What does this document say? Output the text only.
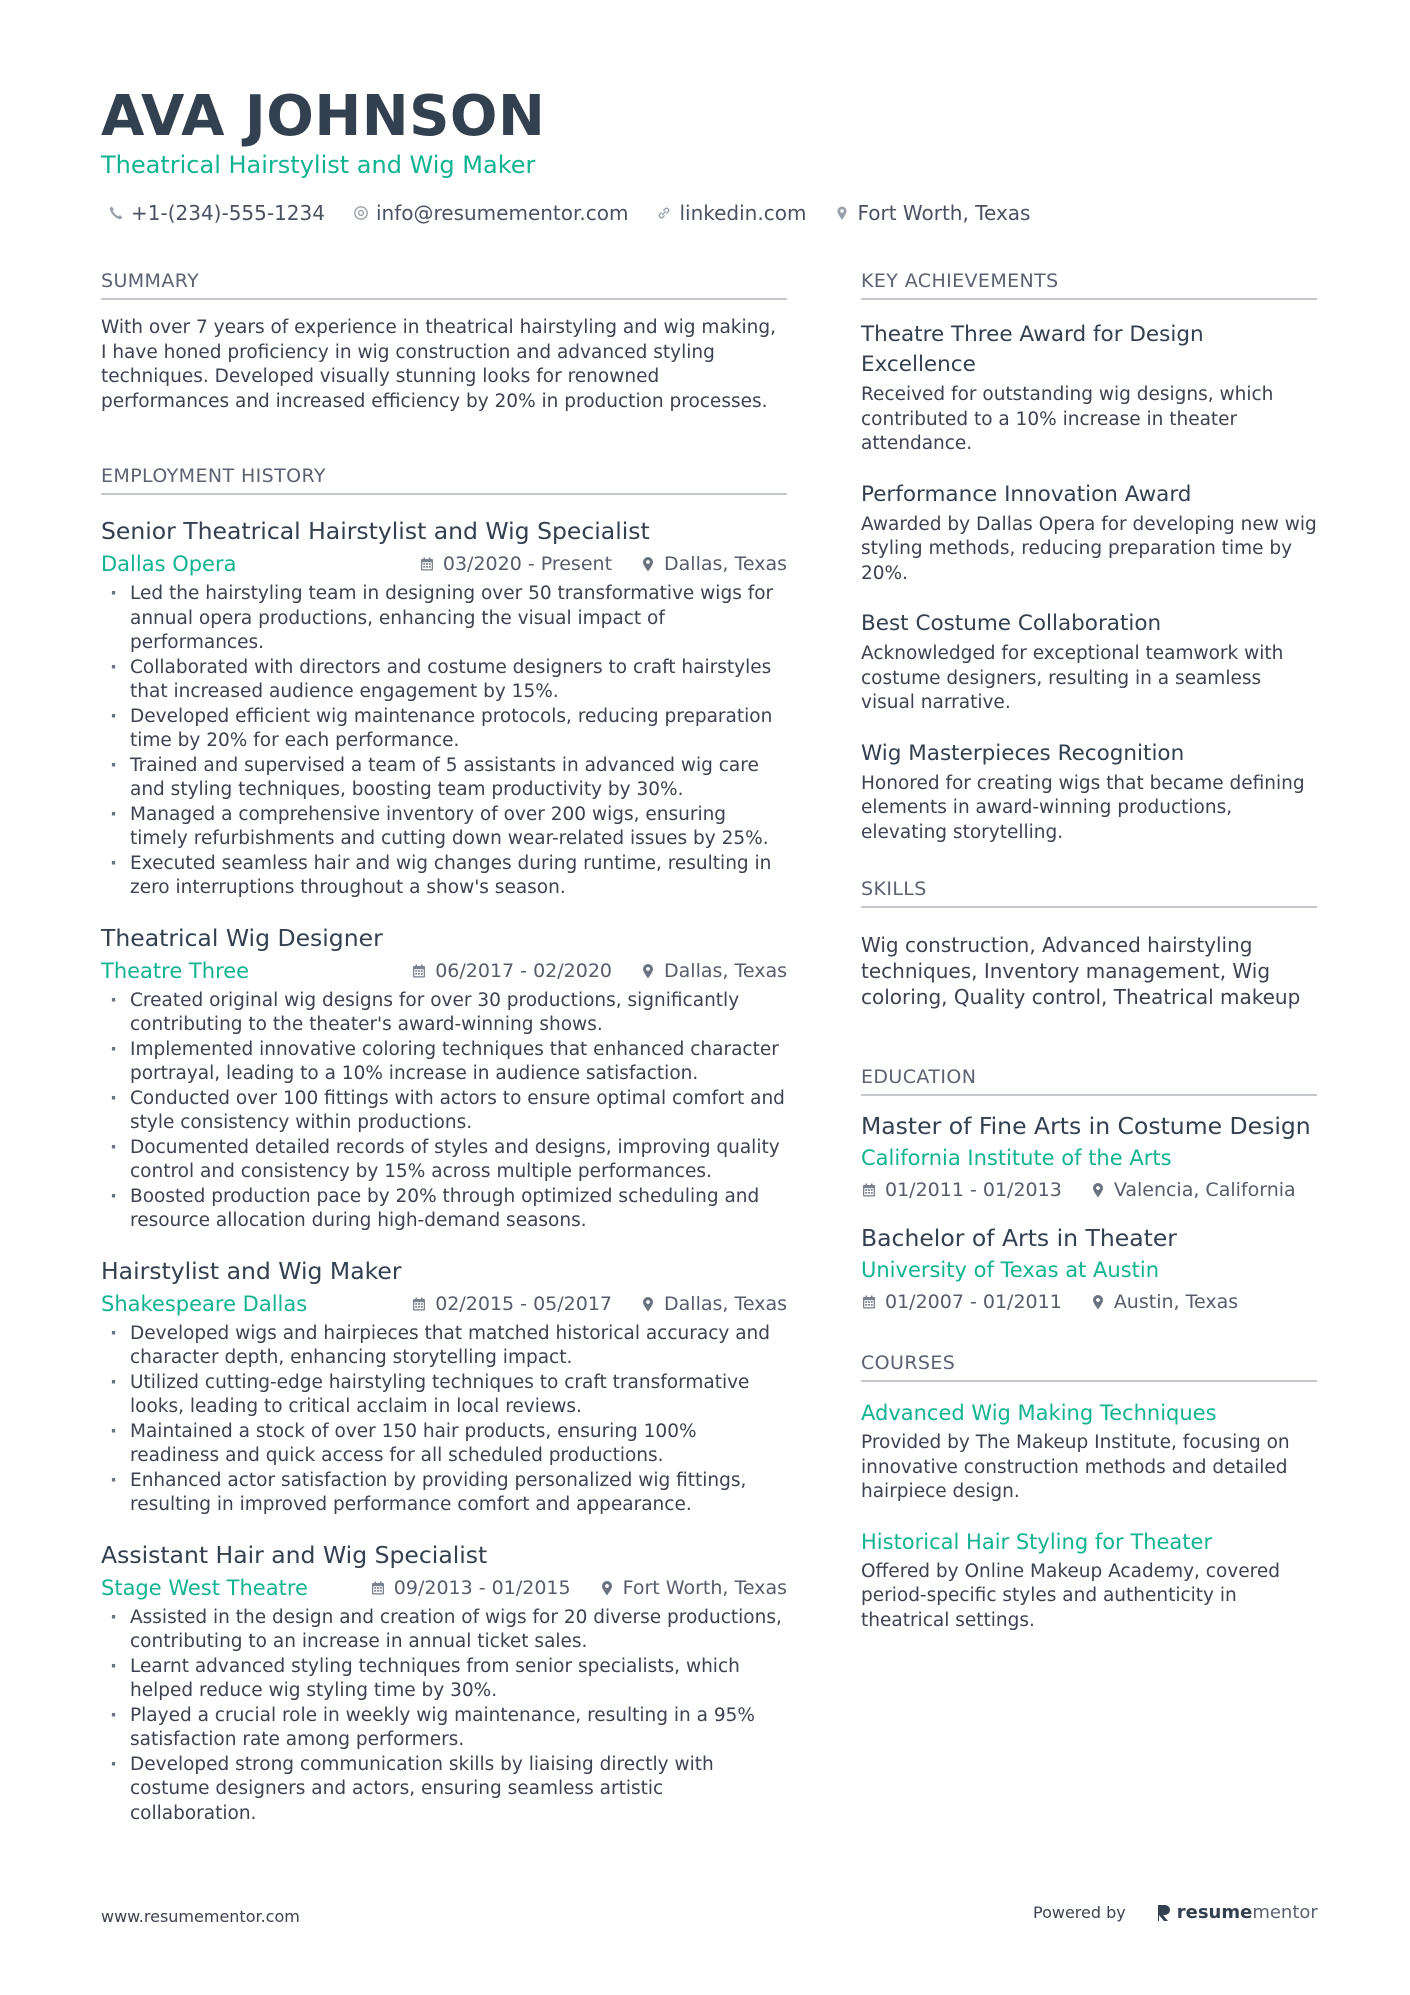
AVA JOHNSON
Theatrical Hairstylist and Wig Maker
+1-(234)-555-1234	info@resumementor.com	linkedin.com	Fort Worth, Texas
SUMMARY
With over 7 years of experience in theatrical hairstyling and wig making, I have honed proficiency in wig construction and advanced styling techniques. Developed visually stunning looks for renowned performances and increased efficiency by 20% in production processes.
EMPLOYMENT HISTORY
Senior Theatrical Hairstylist and Wig Specialist
Dallas Opera	03/2020 - Present	Dallas, Texas
· Led the hairstyling team in designing over 50 transformative wigs for annual opera productions, enhancing the visual impact of performances.
· Collaborated with directors and costume designers to craft hairstyles that increased audience engagement by 15%.
· Developed efficient wig maintenance protocols, reducing preparation time by 20% for each performance.
· Trained and supervised a team of 5 assistants in advanced wig care and styling techniques, boosting team productivity by 30%.
· Managed a comprehensive inventory of over 200 wigs, ensuring timely refurbishments and cutting down wear-related issues by 25%.
· Executed seamless hair and wig changes during runtime, resulting in zero interruptions throughout a show's season.
Theatrical Wig Designer
Theatre Three	06/2017 - 02/2020	Dallas, Texas
· Created original wig designs for over 30 productions, significantly contributing to the theater's award-winning shows.
· Implemented innovative coloring techniques that enhanced character portrayal, leading to a 10% increase in audience satisfaction.
· Conducted over 100 fittings with actors to ensure optimal comfort and style consistency within productions.
· Documented detailed records of styles and designs, improving quality control and consistency by 15% across multiple performances.
· Boosted production pace by 20% through optimized scheduling and resource allocation during high-demand seasons.
Hairstylist and Wig Maker
Shakespeare Dallas	02/2015 - 05/2017	Dallas, Texas
· Developed wigs and hairpieces that matched historical accuracy and character depth, enhancing storytelling impact.
· Utilized cutting-edge hairstyling techniques to craft transformative looks, leading to critical acclaim in local reviews.
· Maintained a stock of over 150 hair products, ensuring 100% readiness and quick access for all scheduled productions.
· Enhanced actor satisfaction by providing personalized wig fittings, resulting in improved performance comfort and appearance.
Assistant Hair and Wig Specialist
Stage West Theatre	09/2013 - 01/2015	Fort Worth, Texas
· Assisted in the design and creation of wigs for 20 diverse productions, contributing to an increase in annual ticket sales.
· Learnt advanced styling techniques from senior specialists, which helped reduce wig styling time by 30%.
· Played a crucial role in weekly wig maintenance, resulting in a 95% satisfaction rate among performers.
· Developed strong communication skills by liaising directly with costume designers and actors, ensuring seamless artistic collaboration.
KEY ACHIEVEMENTS
Theatre Three Award for Design Excellence
Received for outstanding wig designs, which contributed to a 10% increase in theater attendance.
Performance Innovation Award
Awarded by Dallas Opera for developing new wig styling methods, reducing preparation time by 20%.
Best Costume Collaboration
Acknowledged for exceptional teamwork with costume designers, resulting in a seamless visual narrative.
Wig Masterpieces Recognition
Honored for creating wigs that became defining elements in award-winning productions, elevating storytelling.
SKILLS
Wig construction, Advanced hairstyling techniques, Inventory management, Wig coloring, Quality control, Theatrical makeup
EDUCATION
Master of Fine Arts in Costume Design
California Institute of the Arts
01/2011 - 01/2013	Valencia, California
Bachelor of Arts in Theater
University of Texas at Austin
01/2007 - 01/2011	Austin, Texas
COURSES
Advanced Wig Making Techniques
Provided by The Makeup Institute, focusing on innovative construction methods and detailed hairpiece design.
Historical Hair Styling for Theater
Offered by Online Makeup Academy, covered period-specific styles and authenticity in theatrical settings.
www.resumementor.com	Powered by	resume mentor
